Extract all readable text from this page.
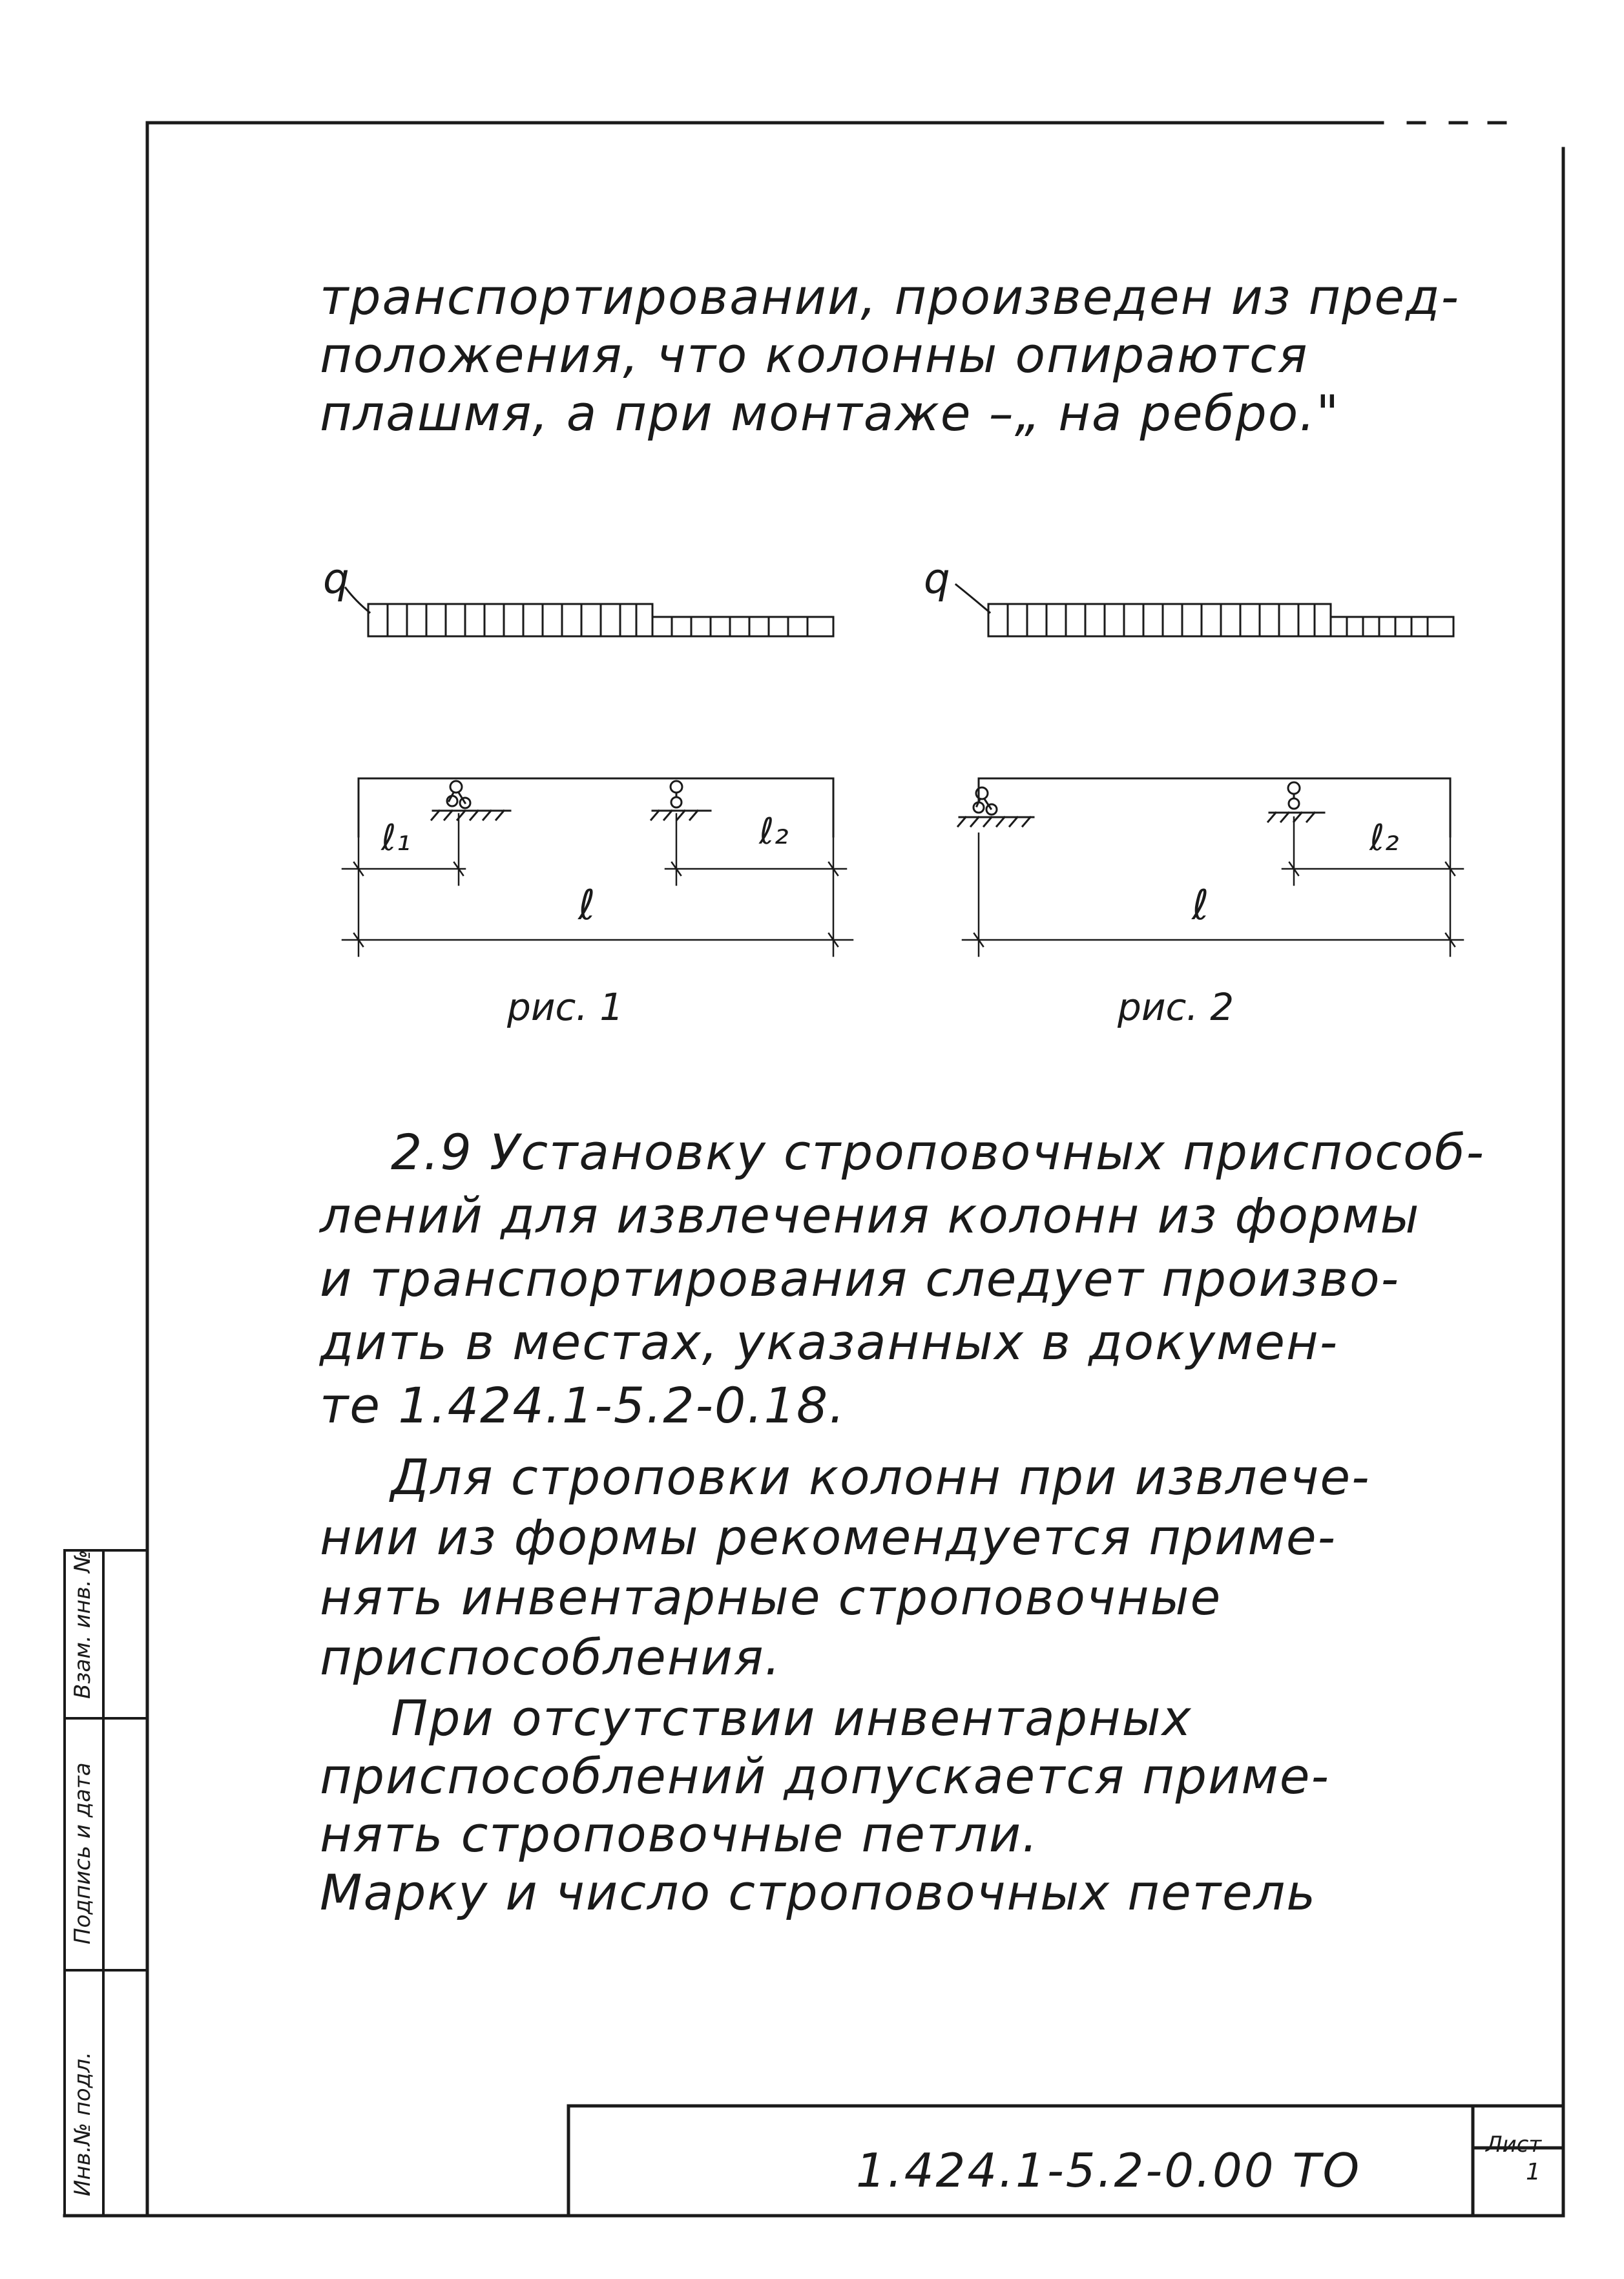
транспортировании, произведен из пред-
положения, что колонны опираются
плашмя, а при монтаже –„ на ребро."
q
ℓ₁	ℓ₂
ℓ
рис. 1
q
ℓ₂
ℓ
рис. 2
2.9 Установку строповочных приспособ-
лений для извлечения колонн из формы
и транспортирования следует произво-
дить в местах, указанных в докумен-
те 1.424.1-5.2-0.18.
Для строповки колонн при извлече-
нии из формы рекомендуется приме-
нять инвентарные строповочные
приспособления.
При отсутствии инвентарных
приспособлений допускается приме-
нять строповочные петли.
Марку и число строповочных петель
Инв.№ подл.
Подпись и дата
Взам. инв. №
1.424.1-5.2-0.00 ТО	Лист
1
